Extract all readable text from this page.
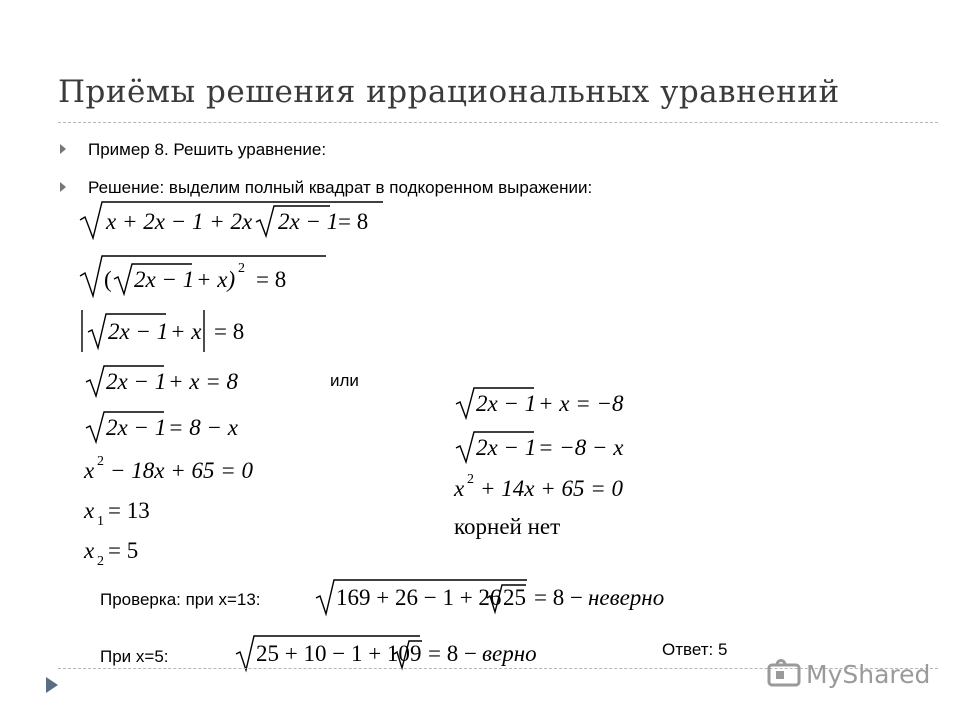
Приёмы решения иррациональных уравнений
Пример 8. Решить уравнение:
Решение: выделим полный квадрат в подкоренном выражении:
x + 2x − 1 + 2x 2x − 1 = 8
( 2x − 1 + x) 2 = 8
2x − 1 + x = 8
2x − 1 + x = 8
2x − 1 = 8 − x
x 2 − 18x + 65 = 0
x 1 = 13
x 2 = 5
или
2x − 1 + x = −8
2x − 1 = −8 − x
x 2 + 14x + 65 = 0
корней нет
Проверка: при x=13:	169 + 26 − 1 + 26 25 = 8 − неверно
При x=5:	25 + 10 − 1 + 10 9 = 8 − верно	Ответ: 5
MyShared
